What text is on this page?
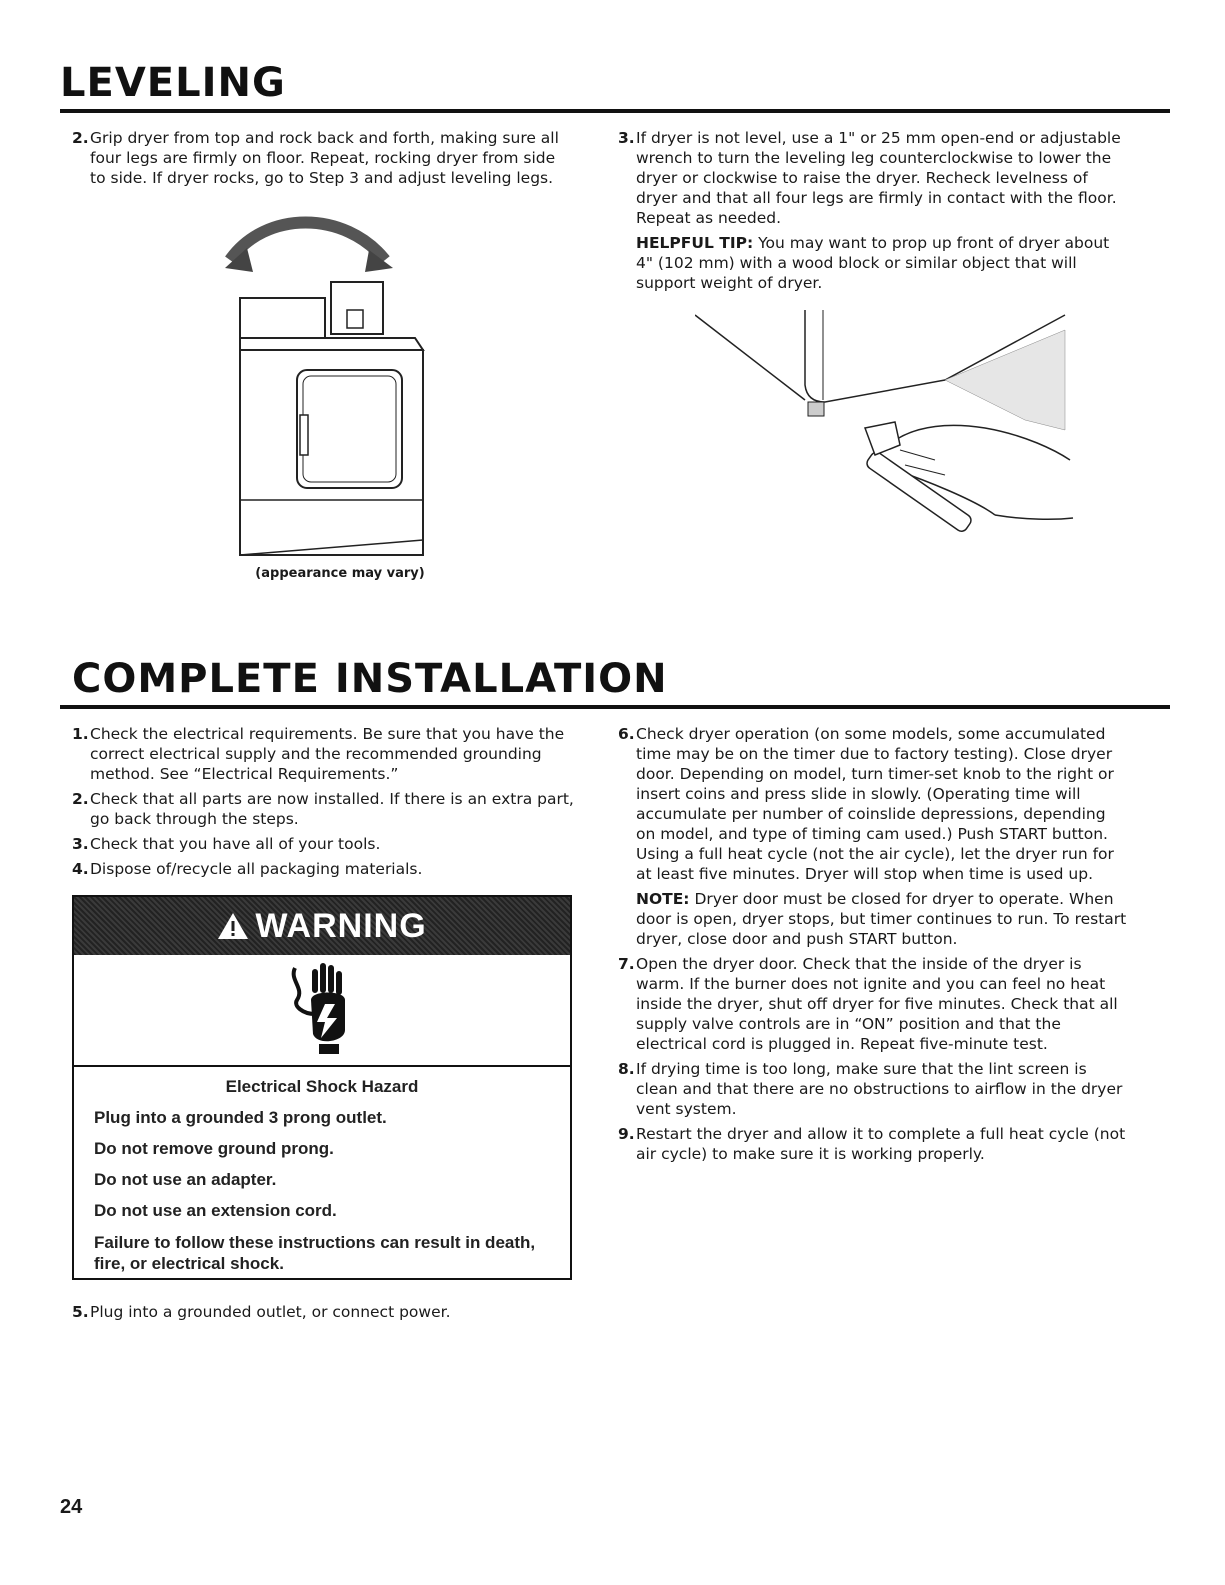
LEVELING
2. Grip dryer from top and rock back and forth, making sure all four legs are firmly on floor. Repeat, rocking dryer from side to side. If dryer rocks, go to Step 3 and adjust leveling legs.
(appearance may vary)
3. If dryer is not level, use a 1" or 25 mm open-end or adjustable wrench to turn the leveling leg counterclockwise to lower the dryer or clockwise to raise the dryer. Recheck levelness of dryer and that all four legs are firmly in contact with the floor. Repeat as needed.
HELPFUL TIP: You may want to prop up front of dryer about 4" (102 mm) with a wood block or similar object that will support weight of dryer.
COMPLETE INSTALLATION
1. Check the electrical requirements. Be sure that you have the correct electrical supply and the recommended grounding method. See “Electrical Requirements.”
2. Check that all parts are now installed. If there is an extra part, go back through the steps.
3. Check that you have all of your tools.
4. Dispose of/recycle all packaging materials.
WARNING
Electrical Shock Hazard
Plug into a grounded 3 prong outlet.
Do not remove ground prong.
Do not use an adapter.
Do not use an extension cord.
Failure to follow these instructions can result in death, fire, or electrical shock.
5. Plug into a grounded outlet, or connect power.
6. Check dryer operation (on some models, some accumulated time may be on the timer due to factory testing). Close dryer door. Depending on model, turn timer-set knob to the right or insert coins and press slide in slowly. (Operating time will accumulate per number of coinslide depressions, depending on model, and type of timing cam used.) Push START button. Using a full heat cycle (not the air cycle), let the dryer run for at least five minutes. Dryer will stop when time is used up.
NOTE: Dryer door must be closed for dryer to operate. When door is open, dryer stops, but timer continues to run. To restart dryer, close door and push START button.
7. Open the dryer door. Check that the inside of the dryer is warm. If the burner does not ignite and you can feel no heat inside the dryer, shut off dryer for five minutes. Check that all supply valve controls are in “ON” position and that the electrical cord is plugged in. Repeat five-minute test.
8. If drying time is too long, make sure that the lint screen is clean and that there are no obstructions to airflow in the dryer vent system.
9. Restart the dryer and allow it to complete a full heat cycle (not air cycle) to make sure it is working properly.
24
